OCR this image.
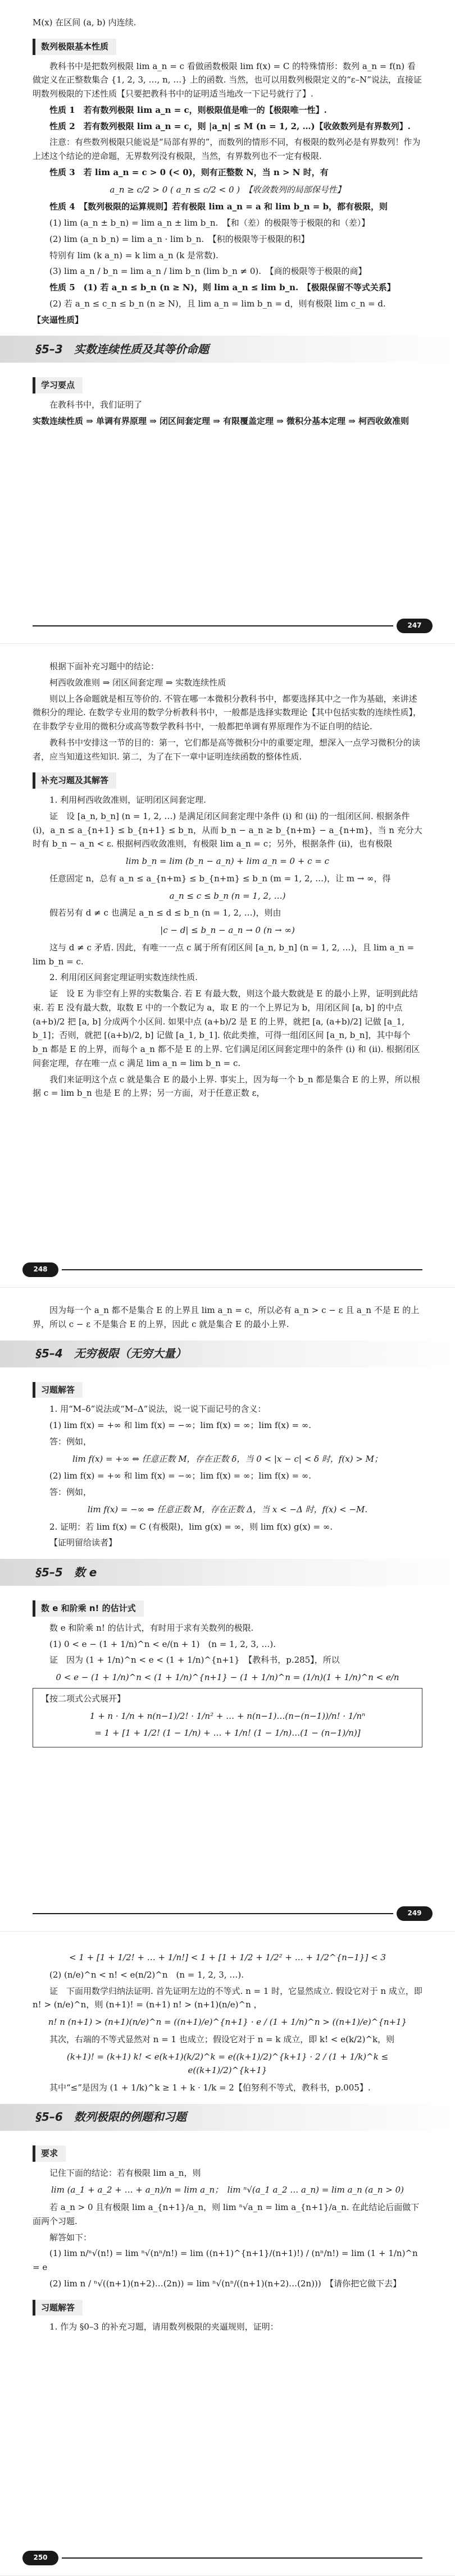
M(x) 在区间 (a, b) 内连续.

数列极限基本性质

教科书中是把数列极限 lim a_n = c 看做函数极限 lim f(x) = C 的特殊情形：数列 a_n = f(n) 看做定义在正整数集合 {1, 2, 3, …, n, …} 上的函数. 当然，也可以用数列极限定义的“ε–N”说法，直接证明数列极限的下述性质【只要把教科书中的证明适当地改一下记号就行了】.

性质 1　若有数列极限 lim a_n = c，则极限值是唯一的【极限唯一性】.

性质 2　若有数列极限 lim a_n = c，则 |a_n| ≤ M (n = 1, 2, …)【收敛数列是有界数列】.

注意：有些数列极限只能说是“局部有界的”，而数列的情形不同，有极限的数列必是有界数列！作为上述这个结论的逆命题，无界数列没有极限，当然，有界数列也不一定有极限.

性质 3　若 lim a_n = c > 0 (< 0)，则有正整数 N，当 n > N 时，有

a_n ≥ c/2 > 0 ( a_n ≤ c/2 < 0 )　【收敛数列的局部保号性】

性质 4　【数列极限的运算规则】若有极限 lim a_n = a 和 lim b_n = b，都有极限，则

(1) lim (a_n ± b_n) = lim a_n ± lim b_n.　【和（差）的极限等于极限的和（差）】

(2) lim (a_n b_n) = lim a_n · lim b_n.　【积的极限等于极限的积】

特别有 lim (k a_n) = k lim a_n (k 是常数).

(3) lim a_n / b_n = lim a_n / lim b_n (lim b_n ≠ 0).　【商的极限等于极限的商】

性质 5　(1) 若 a_n ≤ b_n (n ≥ N)，则 lim a_n ≤ lim b_n.　【极限保留不等式关系】

(2) 若 a_n ≤ c_n ≤ b_n (n ≥ N)，且 lim a_n = lim b_n = d，则有极限 lim c_n = d.

【夹逼性质】

§5–3　实数连续性质及其等价命题
学习要点

在教科书中，我们证明了

实数连续性质 ⇒ 单调有界原理 ⇒ 闭区间套定理 ⇒ 有限覆盖定理 ⇒ 微积分基本定理 ⇒ 柯西收敛准则

247

根据下面补充习题中的结论：

柯西收敛准则 ⇒ 闭区间套定理 ⇒ 实数连续性质

则以上各命题就是相互等价的. 不管在哪一本微积分教科书中，都要选择其中之一作为基础，来讲述微积分的理论. 在数学专业用的数学分析教科书中，一般都是选择实数理论【其中包括实数的连续性质】，在非数学专业用的微积分或高等数学教科书中，一般都把单调有界原理作为不证自明的结论.

教科书中安排这一节的目的：第一，它们都是高等微积分中的重要定理，想深入一点学习微积分的读者，应当知道这些知识. 第二，为了在下一章中证明连续函数的整体性质.

补充习题及其解答

1. 利用柯西收敛准则，证明闭区间套定理.

证　设 [a_n, b_n] (n = 1, 2, …) 是满足闭区间套定理中条件 (i) 和 (ii) 的一组闭区间. 根据条件 (i)，a_n ≤ a_{n+1} ≤ b_{n+1} ≤ b_n，从而 b_n − a_n ≥ b_{n+m} − a_{n+m}，当 n 充分大时有 b_n − a_n < ε. 根据柯西收敛准则，有极限 lim a_n = c；另外，根据条件 (ii)，也有极限

lim b_n = lim (b_n − a_n) + lim a_n = 0 + c = c

任意固定 n，总有 a_n ≤ a_{n+m} ≤ b_{n+m} ≤ b_n (m = 1, 2, …)，让 m → ∞，得

a_n ≤ c ≤ b_n (n = 1, 2, …)

假若另有 d ≠ c 也满足 a_n ≤ d ≤ b_n (n = 1, 2, …)，则由

|c − d| ≤ b_n − a_n → 0 (n → ∞)

这与 d ≠ c 矛盾. 因此，有唯一一点 c 属于所有闭区间 [a_n, b_n] (n = 1, 2, …)，且 lim a_n = lim b_n = c.

2. 利用闭区间套定理证明实数连续性质.

证　设 E 为非空有上界的实数集合. 若 E 有最大数，则这个最大数就是 E 的最小上界，证明到此结束. 若 E 没有最大数，取数 E 中的一个数记为 a，取 E 的一个上界记为 b，用闭区间 [a, b] 的中点 (a+b)/2 把 [a, b] 分成两个小区间. 如果中点 (a+b)/2 是 E 的上界，就把 [a, (a+b)/2] 记做 [a_1, b_1]；否则，就把 [(a+b)/2, b] 记做 [a_1, b_1]. 依此类推，可得一组闭区间 [a_n, b_n]，其中每个 b_n 都是 E 的上界，而每个 a_n 都不是 E 的上界. 它们满足闭区间套定理中的条件 (i) 和 (ii). 根据闭区间套定理，存在唯一点 c 满足 lim a_n = lim b_n = c.

我们来证明这个点 c 就是集合 E 的最小上界. 事实上，因为每一个 b_n 都是集合 E 的上界，所以根据 c = lim b_n 也是 E 的上界；另一方面，对于任意正数 ε，

248

因为每一个 a_n 都不是集合 E 的上界且 lim a_n = c，所以必有 a_n > c − ε 且 a_n 不是 E 的上界，所以 c − ε 不是集合 E 的上界，因此 c 就是集合 E 的最小上界.

§5–4　无穷极限（无穷大量）
习题解答

1. 用“M–δ”说法或“M–Δ”说法，说一说下面记号的含义：

(1) lim f(x) = +∞ 和 lim f(x) = −∞；lim f(x) = ∞；lim f(x) = ∞.

答：例如，

lim f(x) = +∞ ⇔ 任意正数 M，存在正数 δ，当 0 < |x − c| < δ 时，f(x) > M；

(2) lim f(x) = +∞ 和 lim f(x) = −∞；lim f(x) = ∞；lim f(x) = ∞.

答：例如，

lim f(x) = −∞ ⇔ 任意正数 M，存在正数 Δ，当 x < −Δ 时，f(x) < −M.

2. 证明：若 lim f(x) = C (有极限)，lim g(x) = ∞，则 lim f(x) g(x) = ∞.

【证明留给读者】

§5–5　数 e
数 e 和阶乘 n! 的估计式

数 e 和阶乘 n! 的估计式，有时用于求有关数列的极限.

(1) 0 < e − (1 + 1/n)^n < e/(n + 1)　(n = 1, 2, 3, …).

证　因为 (1 + 1/n)^n < e < (1 + 1/n)^{n+1}　【教科书，p.285】，所以

0 < e − (1 + 1/n)^n < (1 + 1/n)^{n+1} − (1 + 1/n)^n = (1/n)(1 + 1/n)^n < e/n

【按二项式公式展开】

1 + n · 1/n + n(n−1)/2! · 1/n² + … + n(n−1)…(n−(n−1))/n! · 1/nⁿ
= 1 + [1 + 1/2! (1 − 1/n) + … + 1/n! (1 − 1/n)…(1 − (n−1)/n)]
249
< 1 + [1 + 1/2! + … + 1/n!] < 1 + [1 + 1/2 + 1/2² + … + 1/2^{n−1}] < 3

(2) (n/e)^n < n! < e(n/2)^n　(n = 1, 2, 3, …).

证　下面用数学归纳法证明. 首先证明左边的不等式. n = 1 时，它显然成立. 假设它对于 n 成立，即 n! > (n/e)^n，则 (n+1)! = (n+1) n! > (n+1)(n/e)^n ，

n! n (n+1) > (n+1)(n/e)^n = ((n+1)/e)^{n+1} · e / (1 + 1/n)^n > ((n+1)/e)^{n+1}

其次，右端的不等式显然对 n = 1 也成立；假设它对于 n = k 成立，即 k! < e(k/2)^k，则

(k+1)! = (k+1) k! < e(k+1)(k/2)^k = e((k+1)/2)^{k+1} · 2 / (1 + 1/k)^k ≤ e((k+1)/2)^{k+1}

其中“≤”是因为 (1 + 1/k)^k ≥ 1 + k · 1/k = 2【伯努利不等式，教科书，p.005】.

§5–6　数列极限的例题和习题
要求

记住下面的结论：若有极限 lim a_n，则

lim (a_1 + a_2 + … + a_n)/n = lim a_n；　lim ⁿ√(a_1 a_2 … a_n) = lim a_n (a_n > 0)

若 a_n > 0 且有极限 lim a_{n+1}/a_n，则 lim ⁿ√a_n = lim a_{n+1}/a_n. 在此结论后面做下面两个习题.

解答如下：

(1) lim n/ⁿ√(n!) = lim ⁿ√(nⁿ/n!) = lim ((n+1)^{n+1}/(n+1)!) / (nⁿ/n!) = lim (1 + 1/n)^n = e

(2) lim n / ⁿ√((n+1)(n+2)…(2n)) = lim ⁿ√(nⁿ/((n+1)(n+2)…(2n)))　【请你把它做下去】

习题解答

1. 作为 §0–3 的补充习题，请用数列极限的夹逼规则，证明：

250
